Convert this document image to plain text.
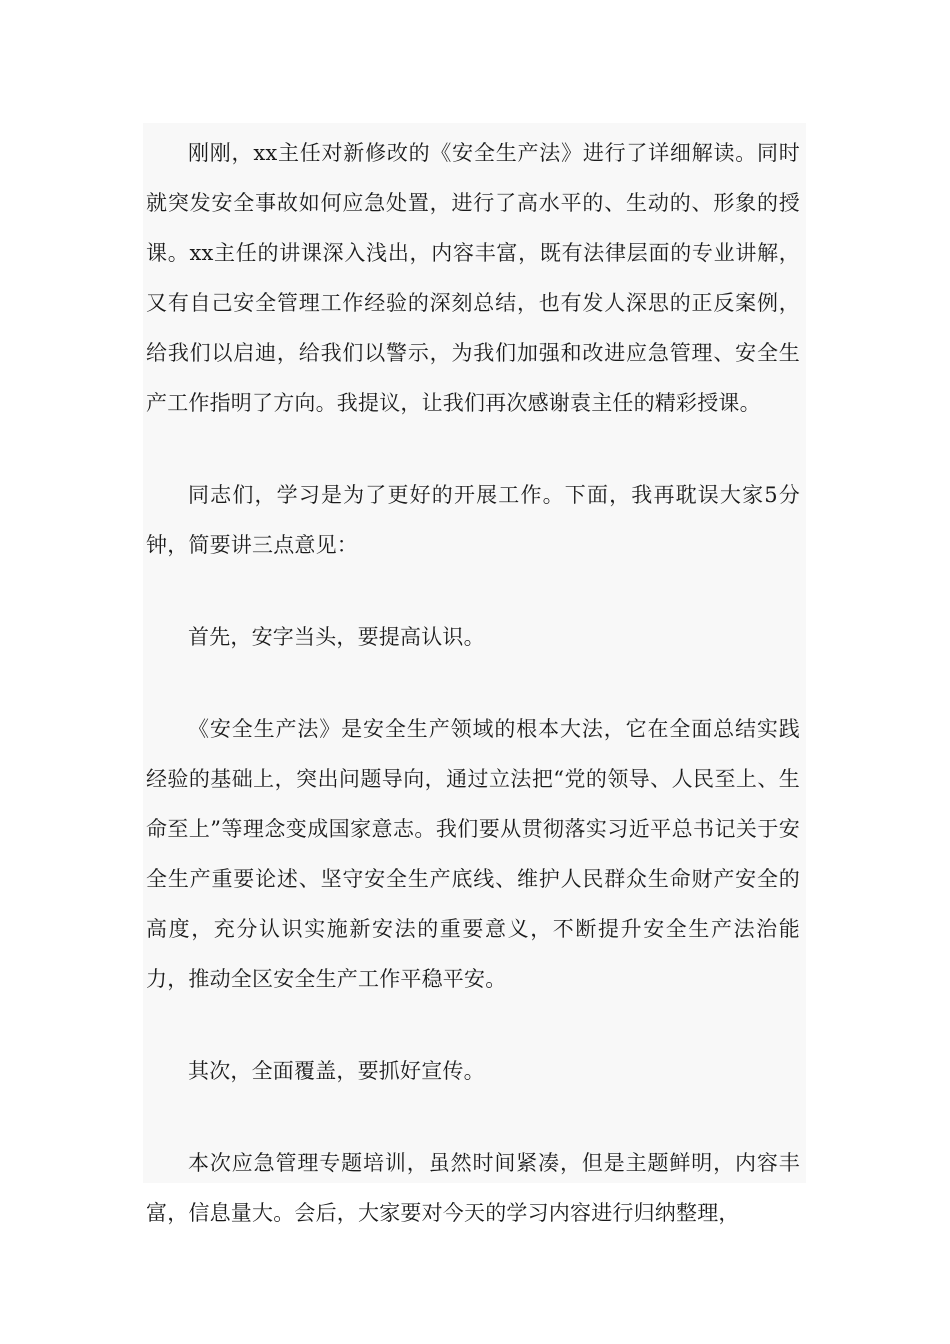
刚刚，xx主任对新修改的《安全生产法》进行了详细解读。同时就突发安全事故如何应急处置，进行了高水平的、生动的、形象的授课。xx主任的讲课深入浅出，内容丰富，既有法律层面的专业讲解，又有自己安全管理工作经验的深刻总结，也有发人深思的正反案例，给我们以启迪，给我们以警示，为我们加强和改进应急管理、安全生产工作指明了方向。我提议，让我们再次感谢袁主任的精彩授课。

同志们，学习是为了更好的开展工作。下面，我再耽误大家5分钟，简要讲三点意见：

首先，安字当头，要提高认识。

《安全生产法》是安全生产领域的根本大法，它在全面总结实践经验的基础上，突出问题导向，通过立法把“党的领导、人民至上、生命至上”等理念变成国家意志。我们要从贯彻落实习近平总书记关于安全生产重要论述、坚守安全生产底线、维护人民群众生命财产安全的高度，充分认识实施新安法的重要意义，不断提升安全生产法治能力，推动全区安全生产工作平稳平安。

其次，全面覆盖，要抓好宣传。

本次应急管理专题培训，虽然时间紧凑，但是主题鲜明，内容丰富，信息量大。会后，大家要对今天的学习内容进行归纳整理，
